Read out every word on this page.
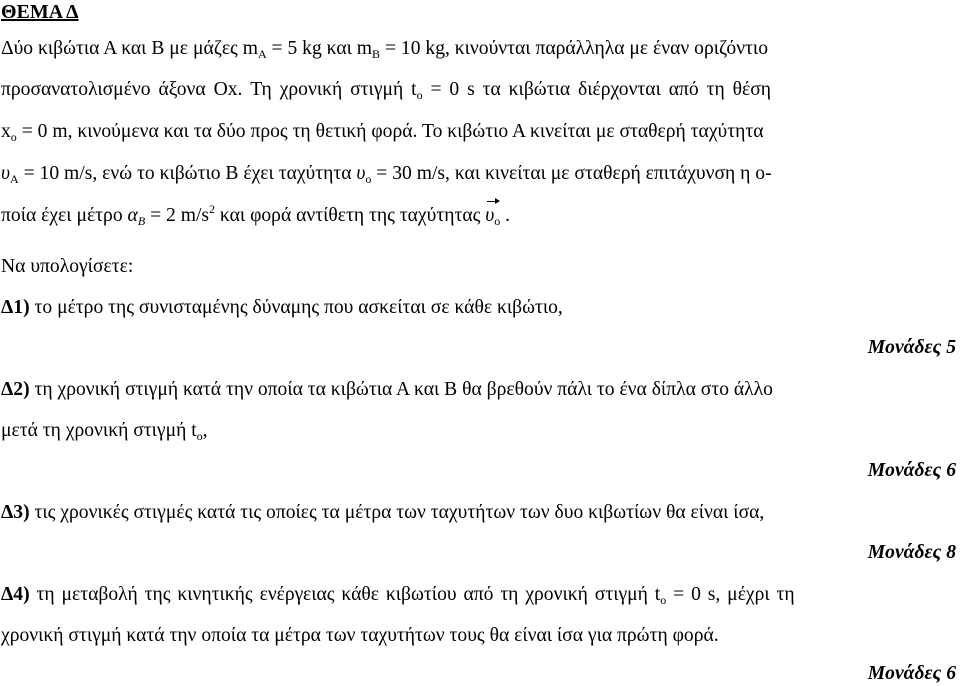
ΘΕΜΑ Δ
Δύο κιβώτια Α και Β με μάζες $m_A = 5$ kg και $m_B = 10$ kg, κινούνται παράλληλα με έναν οριζόντιο
προσανατολισμένο άξονα Οx. Τη χρονική στιγμή $t_o = 0$ s τα κιβώτια διέρχονται από τη θέση
$x_o = 0$ m, κινούμενα και τα δύο προς τη θετική φορά. Το κιβώτιο Α κινείται με σταθερή ταχύτητα
$\upsilon_A = 10$ m/s, ενώ το κιβώτιο Β έχει ταχύτητα $\upsilon_o = 30$ m/s, και κινείται με σταθερή επιτάχυνση η ο-
ποία έχει μέτρο $\alpha_B = 2$ $m/s^2$ και φορά αντίθετη της ταχύτητας $\upsilon_o$ .
Να υπολογίσετε:
Δ1) το μέτρο της συνισταμένης δύναμης που ασκείται σε κάθε κιβώτιο,
Μονάδες 5
Δ2) τη χρονική στιγμή κατά την οποία τα κιβώτια Α και Β θα βρεθούν πάλι το ένα δίπλα στο άλλο
μετά τη χρονική στιγμή $t_o$,
Μονάδες 6
Δ3) τις χρονικές στιγμές κατά τις οποίες τα μέτρα των ταχυτήτων των δυο κιβωτίων θα είναι ίσα,
Μονάδες 8
Δ4) τη μεταβολή της κινητικής ενέργειας κάθε κιβωτίου από τη χρονική στιγμή $t_o = 0$ s, μέχρι τη
χρονική στιγμή κατά την οποία τα μέτρα των ταχυτήτων τους θα είναι ίσα για πρώτη φορά.
Μονάδες 6
